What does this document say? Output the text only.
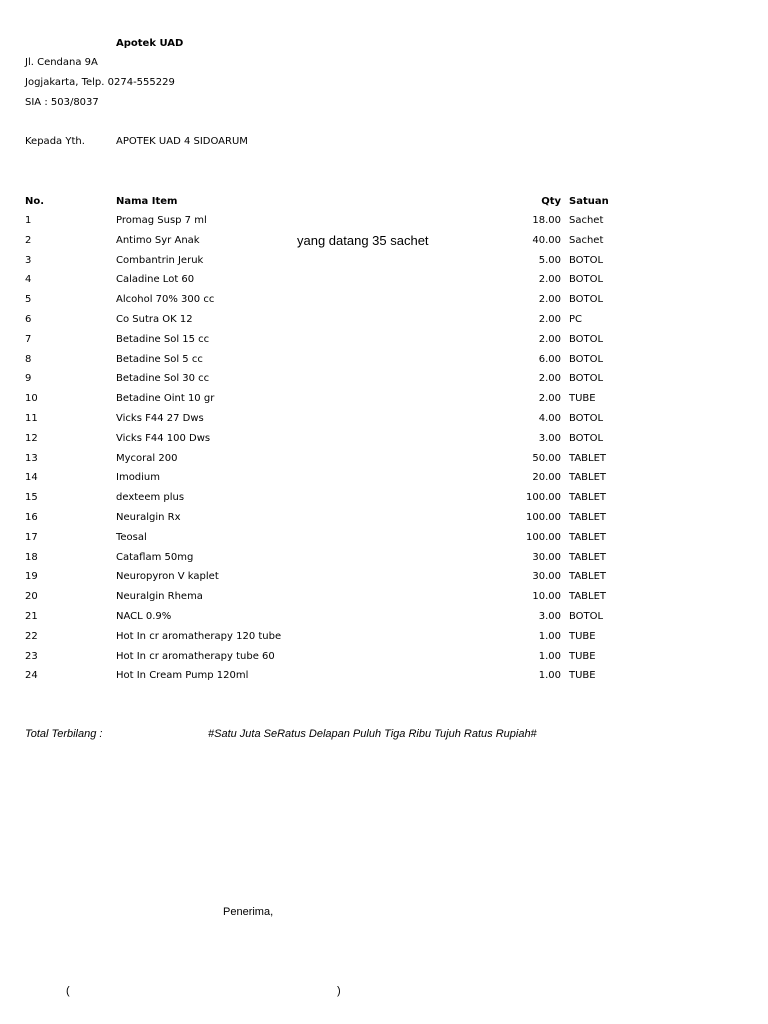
Apotek UAD
Jl. Cendana 9A
Jogjakarta, Telp. 0274-555229
SIA : 503/8037
Kepada Yth.	APOTEK UAD 4 SIDOARUM
No.	Nama Item	Qty Satuan
1	Promag Susp 7 ml	18.00 Sachet
2	Antimo Syr Anak	40.00 Sachet
3	Combantrin Jeruk	5.00 BOTOL
4	Caladine Lot 60	2.00 BOTOL
5	Alcohol 70% 300 cc	2.00 BOTOL
6	Co Sutra OK 12	2.00 PC
7	Betadine Sol 15 cc	2.00 BOTOL
8	Betadine Sol 5 cc	6.00 BOTOL
9	Betadine Sol 30 cc	2.00 BOTOL
10	Betadine Oint 10 gr	2.00 TUBE
11	Vicks F44 27 Dws	4.00 BOTOL
12	Vicks F44 100 Dws	3.00 BOTOL
13	Mycoral 200	50.00 TABLET
14	Imodium	20.00 TABLET
15	dexteem plus	100.00 TABLET
16	Neuralgin Rx	100.00 TABLET
17	Teosal	100.00 TABLET
18	Cataflam 50mg	30.00 TABLET
19	Neuropyron V kaplet	30.00 TABLET
20	Neuralgin Rhema	10.00 TABLET
21	NACL 0.9%	3.00 BOTOL
22	Hot In cr aromatherapy 120 tube	1.00 TUBE
23	Hot In cr aromatherapy tube 60	1.00 TUBE
24	Hot In Cream Pump 120ml	1.00 TUBE
yang datang 35 sachet
Total Terbilang :	#Satu Juta SeRatus Delapan Puluh Tiga Ribu Tujuh Ratus Rupiah#
Penerima,
(	)
